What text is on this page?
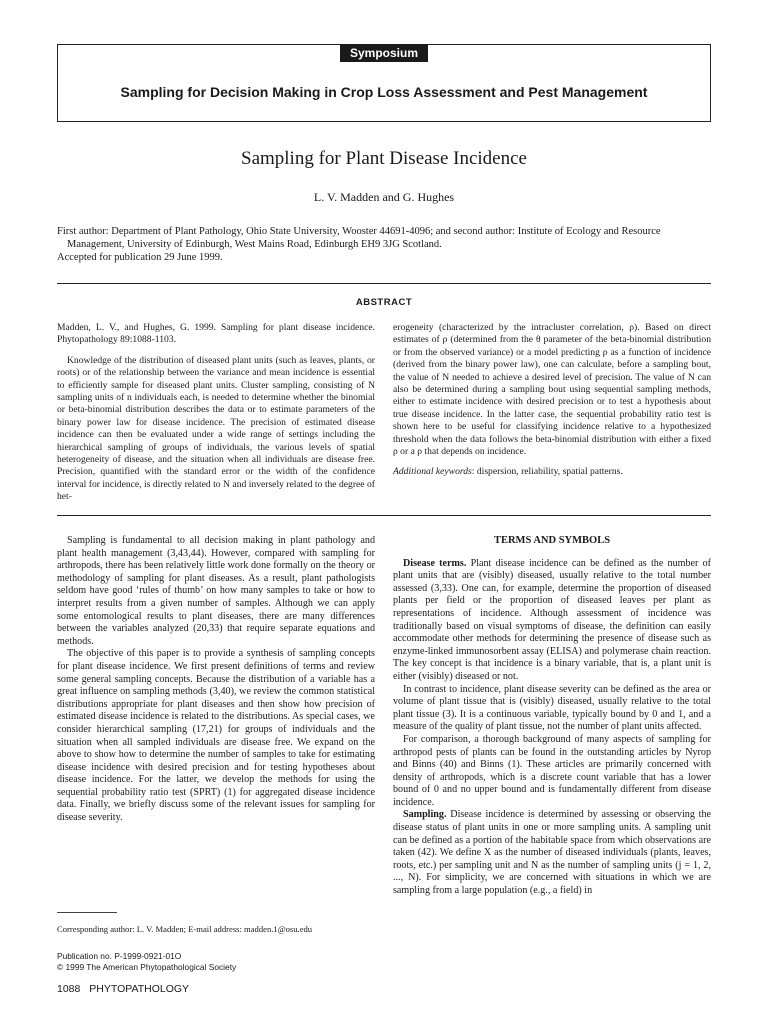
Symposium
Sampling for Decision Making in Crop Loss Assessment and Pest Management
Sampling for Plant Disease Incidence
L. V. Madden and G. Hughes
First author: Department of Plant Pathology, Ohio State University, Wooster 44691-4096; and second author: Institute of Ecology and Resource Management, University of Edinburgh, West Mains Road, Edinburgh EH9 3JG Scotland.
Accepted for publication 29 June 1999.
ABSTRACT

Madden, L. V., and Hughes, G. 1999. Sampling for plant disease incidence. Phytopathology 89:1088-1103.

Knowledge of the distribution of diseased plant units (such as leaves, plants, or roots) or of the relationship between the variance and mean incidence is essential to efficiently sample for diseased plant units. Cluster sampling, consisting of N sampling units of n individuals each, is needed to determine whether the binomial or beta-binomial distribution describes the data or to estimate parameters of the binary power law for disease incidence. The precision of estimated disease incidence can then be evaluated under a wide range of settings including the hierarchical sampling of groups of individuals, the various levels of spatial heterogeneity of disease, and the situation when all individuals are disease free. Precision, quantified with the standard error or the width of the confidence interval for incidence, is directly related to N and inversely related to the degree of het-

erogeneity (characterized by the intracluster correlation, ρ). Based on direct estimates of ρ (determined from the θ parameter of the beta-binomial distribution or from the observed variance) or a model predicting ρ as a function of incidence (derived from the binary power law), one can calculate, before a sampling bout, the value of N needed to achieve a desired level of precision. The value of N can also be determined during a sampling bout using sequential sampling methods, either to estimate incidence with desired precision or to test a hypothesis about true disease incidence. In the latter case, the sequential probability ratio test is shown here to be useful for classifying incidence relative to a hypothesized threshold when the data follows the beta-binomial distribution with either a fixed ρ or a ρ that depends on incidence.

Additional keywords: dispersion, reliability, spatial patterns.

Sampling is fundamental to all decision making in plant pathology and plant health management (3,43,44). However, compared with sampling for arthropods, there has been relatively little work done formally on the theory or methodology of sampling for plant diseases. As a result, plant pathologists seldom have good ‘rules of thumb’ on how many samples to take or how to interpret results from a given number of samples. Although we can apply some entomological results to plant diseases, there are many differences between the variables analyzed (20,33) that require separate equations and methods.

The objective of this paper is to provide a synthesis of sampling concepts for plant disease incidence. We first present definitions of terms and review some general sampling concepts. Because the distribution of a variable has a great influence on sampling methods (3,40), we review the common statistical distributions appropriate for plant diseases and then show how precision of estimated disease incidence is related to the distributions. As special cases, we consider hierarchical sampling (17,21) for groups of individuals and the situation when all sampled individuals are disease free. We expand on the above to show how to determine the number of samples to take for estimating disease incidence with desired precision and for testing hypotheses about disease incidence. For the latter, we develop the methods for using the sequential probability ratio test (SPRT) (1) for aggregated disease incidence data. Finally, we briefly discuss some of the relevant issues for sampling for disease severity.

TERMS AND SYMBOLS

Disease terms. Plant disease incidence can be defined as the number of plant units that are (visibly) diseased, usually relative to the total number assessed (3,33). One can, for example, determine the proportion of diseased plants per field or the proportion of diseased leaves per plant as representations of incidence. Although assessment of incidence was traditionally based on visual symptoms of disease, the definition can easily accommodate other methods for determining the presence of disease such as enzyme-linked immunosorbent assay (ELISA) and polymerase chain reaction. The key concept is that incidence is a binary variable, that is, a plant unit is either (visibly) diseased or not.

In contrast to incidence, plant disease severity can be defined as the area or volume of plant tissue that is (visibly) diseased, usually relative to the total plant tissue (3). It is a continuous variable, typically bound by 0 and 1, and a measure of the quality of plant tissue, not the number of plant units affected.

For comparison, a thorough background of many aspects of sampling for arthropod pests of plants can be found in the outstanding articles by Nyrop and Binns (40) and Binns (1). These articles are primarily concerned with density of arthropods, which is a discrete count variable that has a lower bound of 0 and no upper bound and is fundamentally different from disease incidence.

Sampling. Disease incidence is determined by assessing or observing the disease status of plant units in one or more sampling units. A sampling unit can be defined as a portion of the habitable space from which observations are taken (42). We define X as the number of diseased individuals (plants, leaves, roots, etc.) per sampling unit and N as the number of sampling units (j = 1, 2, ..., N). For simplicity, we are concerned with situations in which we are sampling from a large population (e.g., a field) in

Corresponding author: L. V. Madden; E-mail address: madden.1@osu.edu
Publication no. P-1999-0921-01O
© 1999 The American Phytopathological Society
1088 PHYTOPATHOLOGY
